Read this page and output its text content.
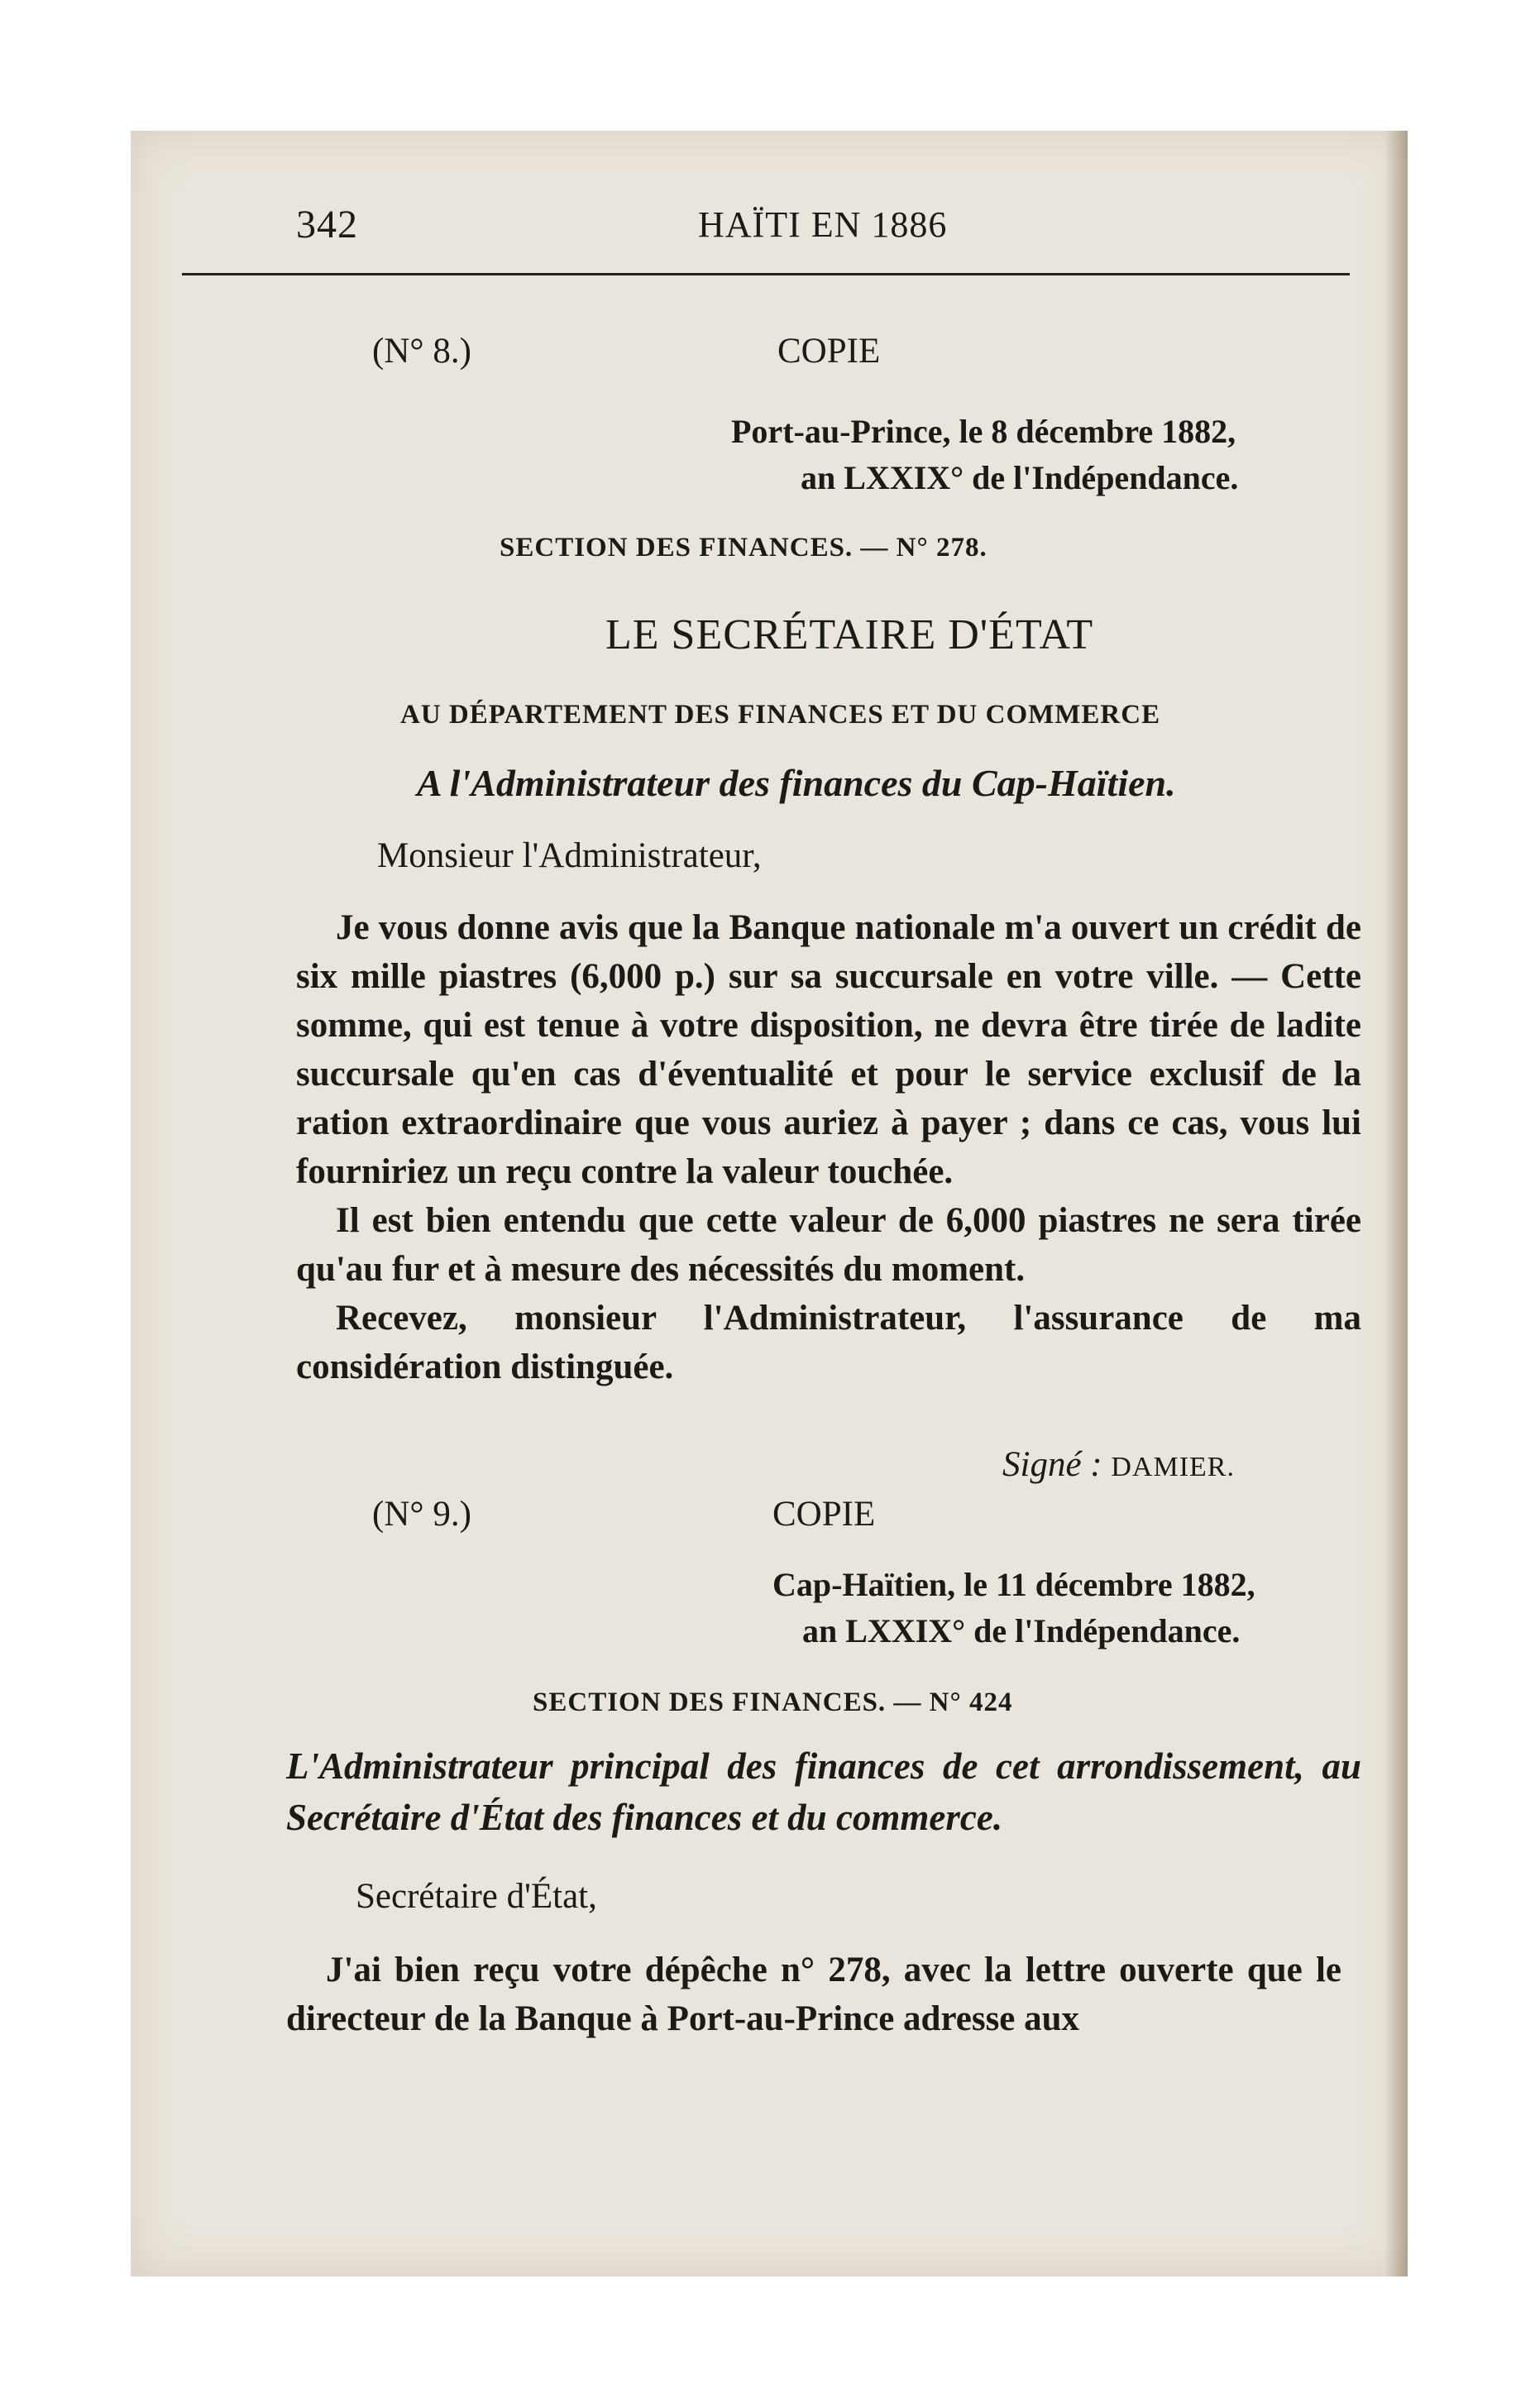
342	HAÏTI EN 1886
(N° 8.)	COPIE
Port-au-Prince, le 8 décembre 1882,
an LXXIX° de l'Indépendance.
SECTION DES FINANCES. — N° 278.
LE SECRÉTAIRE D'ÉTAT
AU DÉPARTEMENT DES FINANCES ET DU COMMERCE
A l'Administrateur des finances du Cap-Haïtien.
Monsieur l'Administrateur,

Je vous donne avis que la Banque nationale m'a ouvert un crédit de six mille piastres (6,000 p.) sur sa succursale en votre ville. — Cette somme, qui est tenue à votre disposition, ne devra être tirée de ladite succursale qu'en cas d'éventualité et pour le service exclusif de la ration extraordinaire que vous auriez à payer ; dans ce cas, vous lui fourniriez un reçu contre la valeur touchée.

Il est bien entendu que cette valeur de 6,000 piastres ne sera tirée qu'au fur et à mesure des nécessités du moment.

Recevez, monsieur l'Administrateur, l'assurance de ma considération distinguée.

Signé : DAMIER.
(N° 9.)	COPIE
Cap-Haïtien, le 11 décembre 1882,
an LXXIX° de l'Indépendance.
SECTION DES FINANCES. — N° 424

L'Administrateur principal des finances de cet arrondissement, au Secrétaire d'État des finances et du commerce.

Secrétaire d'État,

J'ai bien reçu votre dépêche n° 278, avec la lettre ouverte que le directeur de la Banque à Port-au-Prince adresse aux
